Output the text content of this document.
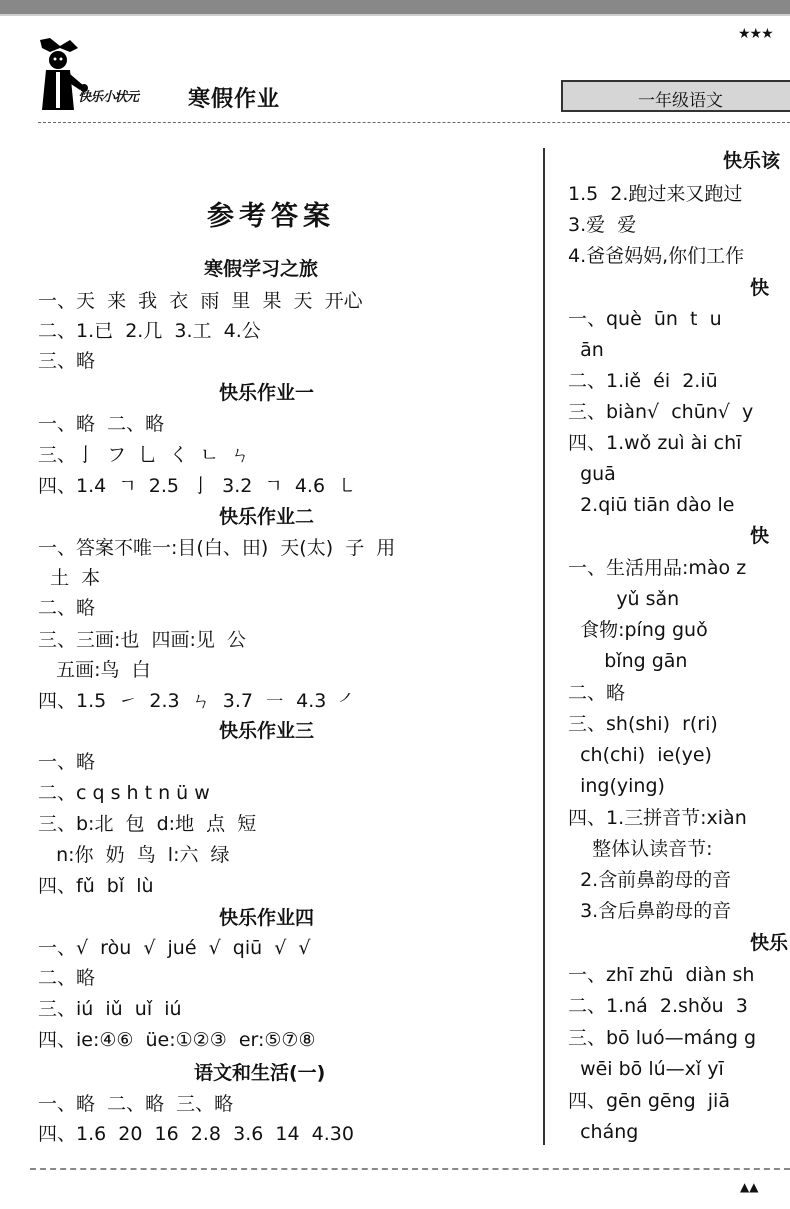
★★★
快乐小状元 寒假作业	一年级语文
参考答案
寒假学习之旅
一、天  来  我  衣  雨  里  果  天  开心
二、1.已  2.几  3.工  4.公
三、略
快乐作业一
一、略  二、略
三、亅  フ  乚  く  ㄴ  ㄣ
四、1.4  ㄱ  2.5  亅  3.2  ㄱ  4.6  ㇄
快乐作业二
一、答案不唯一:目(白、田)  天(太)  子  用
土  本
二、略
三、三画:也  四画:见  公
五画:鸟  白
四、1.5  ㇀  2.3  ㄣ  3.7  ㇐  4.3  ㇒
快乐作业三
一、略
二、c q s h t n ü w
三、b:北  包  d:地  点  短
n:你  奶  鸟  l:六  绿
四、fǔ  bǐ  lù
快乐作业四
一、√  ròu  √  jué  √  qiū  √  √
二、略
三、iú  iǔ  uǐ  iú
四、ie:④⑥  üe:①②③  er:⑤⑦⑧
语文和生活(一)
一、略  二、略  三、略
四、1.6  20  16  2.8  3.6  14  4.30
快乐该
1.5  2.跑过来又跑过
3.爱  爱
4.爸爸妈妈,你们工作
快
一、què  ūn  t  u
ān
二、1.iě  éi  2.iū
三、biàn√  chūn√  y
四、1.wǒ zuì ài chī
guā
2.qiū tiān dào le
快
一、生活用品:mào z
yǔ sǎn
食物:píng guǒ
bǐng gān
二、略
三、sh(shi)  r(ri)
ch(chi)  ie(ye)
ing(ying)
四、1.三拼音节:xiàn
整体认读音节:
2.含前鼻韵母的音
3.含后鼻韵母的音
快乐
一、zhī zhū  diàn sh
二、1.ná  2.shǒu  3
三、bō luó—máng g
wēi bō lú—xǐ yī
四、gēn gēng  jiā
cháng
▲▲
